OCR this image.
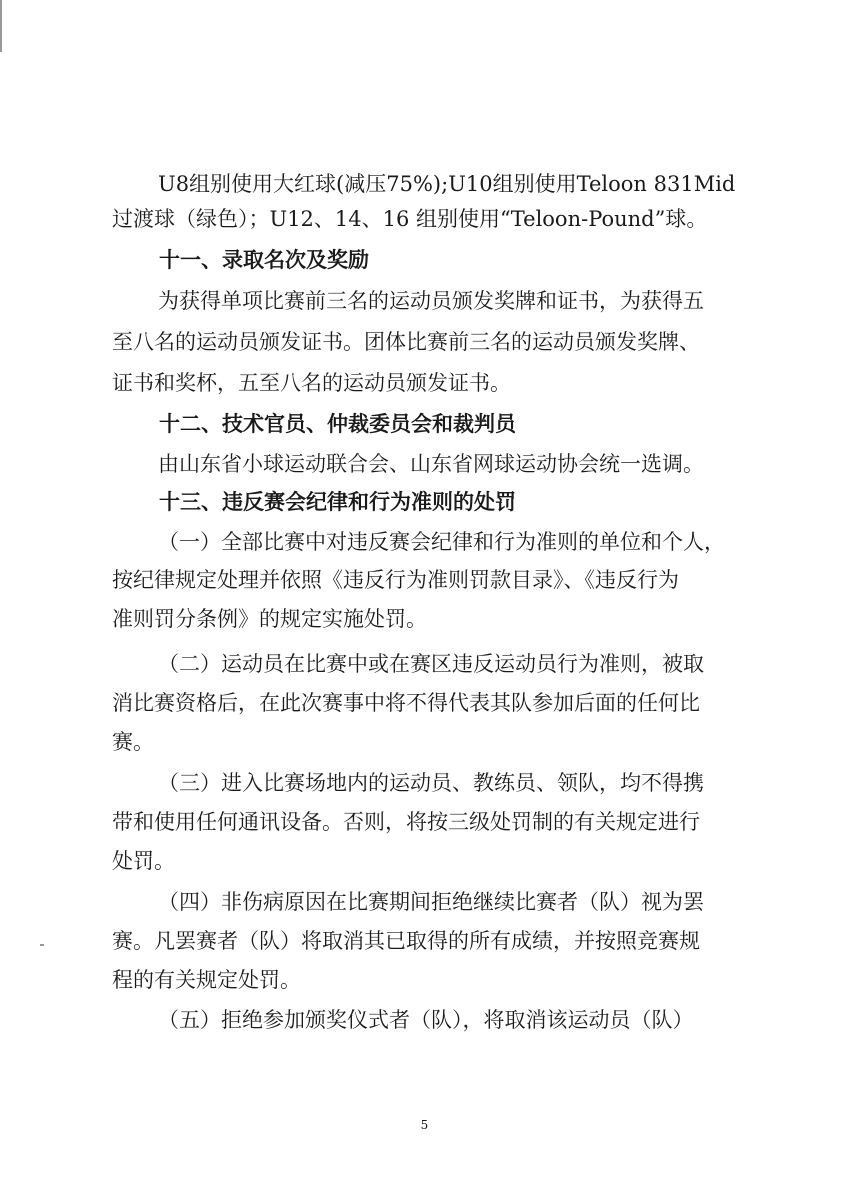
U8组别使用大红球(减压75%);U10组别使用Teloon 831Mid
过渡球（绿色）；U12、14、16 组别使用“Teloon-Pound”球。
十一、录取名次及奖励
为获得单项比赛前三名的运动员颁发奖牌和证书，为获得五
至八名的运动员颁发证书。团体比赛前三名的运动员颁发奖牌、
证书和奖杯，五至八名的运动员颁发证书。
十二、技术官员、仲裁委员会和裁判员
由山东省小球运动联合会、山东省网球运动协会统一选调。
十三、违反赛会纪律和行为准则的处罚
（一）全部比赛中对违反赛会纪律和行为准则的单位和个人，
按纪律规定处理并依照《违反行为准则罚款目录》、《违反行为
准则罚分条例》的规定实施处罚。
（二）运动员在比赛中或在赛区违反运动员行为准则，被取
消比赛资格后，在此次赛事中将不得代表其队参加后面的任何比
赛。
（三）进入比赛场地内的运动员、教练员、领队，均不得携
带和使用任何通讯设备。否则，将按三级处罚制的有关规定进行
处罚。
（四）非伤病原因在比赛期间拒绝继续比赛者（队）视为罢
赛。凡罢赛者（队）将取消其已取得的所有成绩，并按照竞赛规
程的有关规定处罚。
（五）拒绝参加颁奖仪式者（队），将取消该运动员（队）
5
